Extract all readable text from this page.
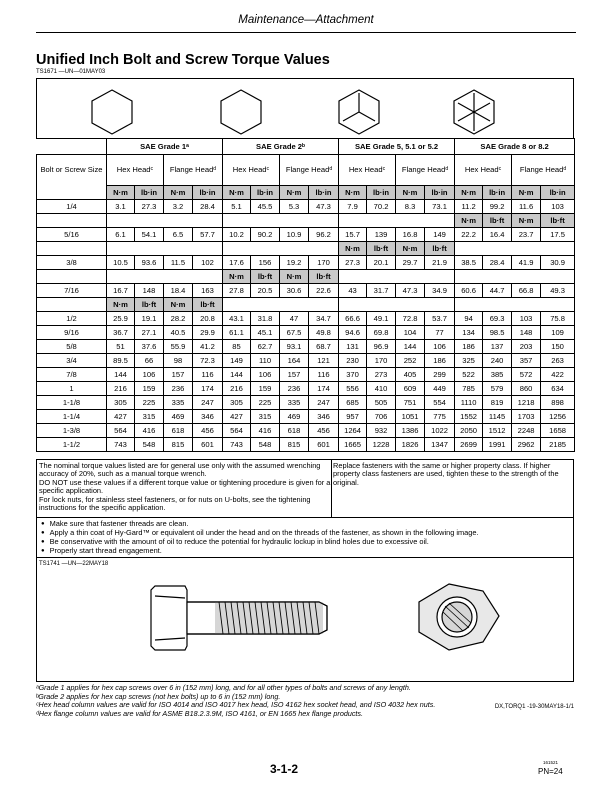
Maintenance—Attachment
Unified Inch Bolt and Screw Torque Values
TS1671 —UN—01MAY03
	SAE Grade 1ᵃ				SAE Grade 2ᵇ				SAE Grade 5, 5.1 or 5.2				SAE Grade 8 or 8.2			
Bolt or Screw Size	Hex Headᶜ		Flange Headᵈ		Hex Headᶜ		Flange Headᵈ		Hex Headᶜ		Flange Headᵈ		Hex Headᶜ		Flange Headᵈ	
	N·m	lb·in	N·m	lb·in	N·m	lb·in	N·m	lb·in	N·m	lb·in	N·m	lb·in	N·m	lb·in	N·m	lb·in
1/4	3.1	27.3	3.2	28.4	5.1	45.5	5.3	47.3	7.9	70.2	8.3	73.1	11.2	99.2	11.6	103
													N·m	lb·ft	N·m	lb·ft
5/16	6.1	54.1	6.5	57.7	10.2	90.2	10.9	96.2	15.7	139	16.8	149	22.2	16.4	23.7	17.5
									N·m	lb·ft	N·m	lb·ft				
3/8	10.5	93.6	11.5	102	17.6	156	19.2	170	27.3	20.1	29.7	21.9	38.5	28.4	41.9	30.9
					N·m	lb·ft	N·m	lb·ft								
7/16	16.7	148	18.4	163	27.8	20.5	30.6	22.6	43	31.7	47.3	34.9	60.6	44.7	66.8	49.3
	N·m	lb·ft	N·m	lb·ft												
1/2	25.9	19.1	28.2	20.8	43.1	31.8	47	34.7	66.6	49.1	72.8	53.7	94	69.3	103	75.8
9/16	36.7	27.1	40.5	29.9	61.1	45.1	67.5	49.8	94.6	69.8	104	77	134	98.5	148	109
5/8	51	37.6	55.9	41.2	85	62.7	93.1	68.7	131	96.9	144	106	186	137	203	150
3/4	89.5	66	98	72.3	149	110	164	121	230	170	252	186	325	240	357	263
7/8	144	106	157	116	144	106	157	116	370	273	405	299	522	385	572	422
1	216	159	236	174	216	159	236	174	556	410	609	449	785	579	860	634
1-1/8	305	225	335	247	305	225	335	247	685	505	751	554	1110	819	1218	898
1-1/4	427	315	469	346	427	315	469	346	957	706	1051	775	1552	1145	1703	1256
1-3/8	564	416	618	456	564	416	618	456	1264	932	1386	1022	2050	1512	2248	1658
1-1/2	743	548	815	601	743	548	815	601	1665	1228	1826	1347	2699	1991	2962	2185
The nominal torque values listed are for general use only with the assumed wrenching accuracy of 20%, such as a manual torque wrench.
DO NOT use these values if a different torque value or tightening procedure is given for a specific application.
For lock nuts, for stainless steel fasteners, or for nuts on U-bolts, see the tightening instructions for the specific application.
Replace fasteners with the same or higher property class. If higher property class fasteners are used, tighten these to the strength of the original.
● Make sure that fastener threads are clean.
● Apply a thin coat of Hy-Gard™ or equivalent oil under the head and on the threads of the fastener, as shown in the following image.
● Be conservative with the amount of oil to reduce the potential for hydraulic lockup in blind holes due to excessive oil.
● Properly start thread engagement.
TS1741 —UN—22MAY18
ᵃGrade 1 applies for hex cap screws over 6 in (152 mm) long, and for all other types of bolts and screws of any length.
ᵇGrade 2 applies for hex cap screws (not hex bolts) up to 6 in (152 mm) long.
ᶜHex head column values are valid for ISO 4014 and ISO 4017 hex head, ISO 4162 hex socket head, and ISO 4032 hex nuts.
ᵈHex flange column values are valid for ASME B18.2.3.9M, ISO 4161, or EN 1665 hex flange products.
DX,TORQ1 -19-30MAY18-1/1
3-1-2	161521
PN=24
